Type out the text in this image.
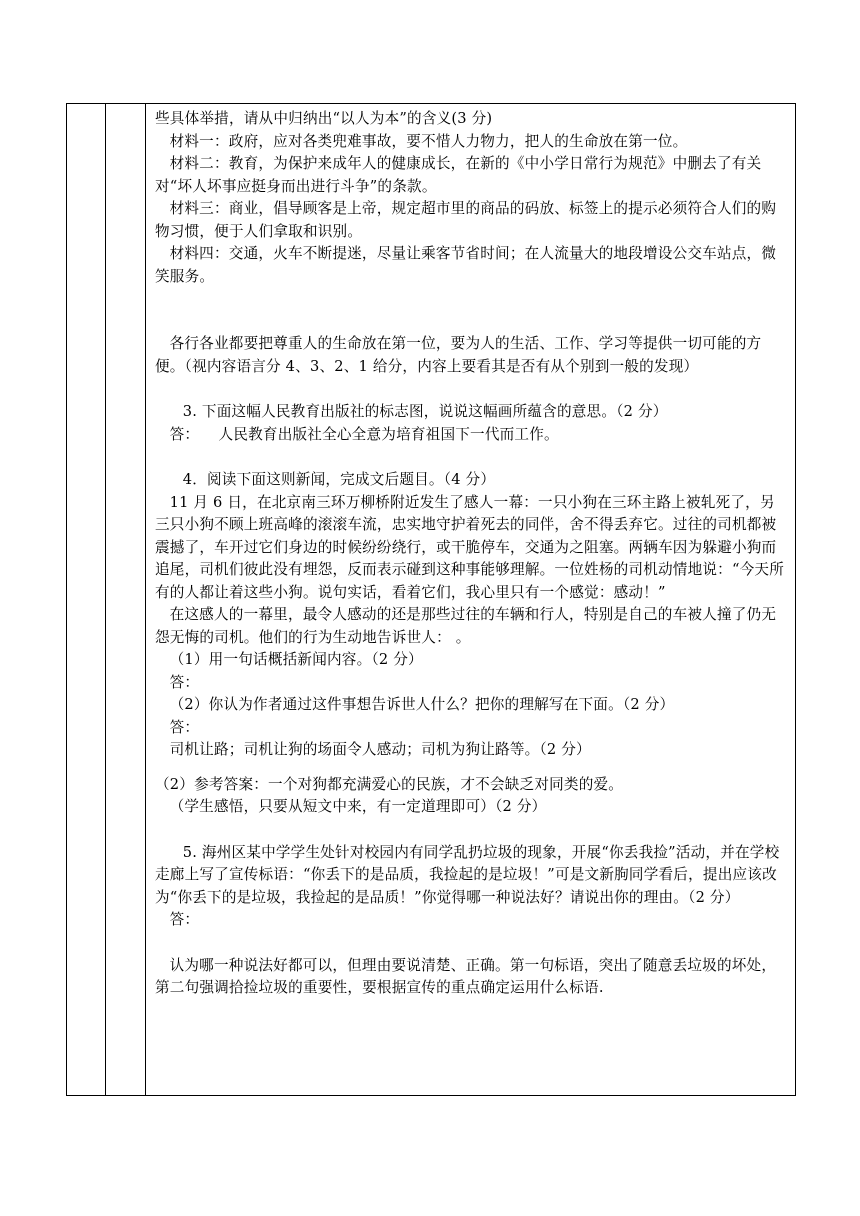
些具体举措，请从中归纳出“以人为本”的含义(3 分)

材料一：政府，应对各类兜难事故，要不惜人力物力，把人的生命放在第一位。

材料二：教育，为保护来成年人的健康成长，在新的《中小学日常行为规范》中删去了有关对“坏人坏事应挺身而出进行斗争”的条款。

材料三：商业，倡导顾客是上帝，规定超市里的商品的码放、标签上的提示必须符合人们的购物习惯，便于人们拿取和识别。

材料四：交通，火车不断提迷，尽量让乘客节省时间；在人流量大的地段增设公交车站点，微笑服务。

各行各业都要把尊重人的生命放在第一位，要为人的生活、工作、学习等提供一切可能的方便。（视内容语言分 4、3、2、1 给分，内容上要看其是否有从个别到一般的发现）

3. 下面这幅人民教育出版社的标志图，说说这幅画所蕴含的意思。（2 分）

答：    人民教育出版社全心全意为培育祖国下一代而工作。

4．阅读下面这则新闻，完成文后题目。（4 分）

11 月 6 日，在北京南三环万柳桥附近发生了感人一幕：一只小狗在三环主路上被轧死了，另三只小狗不顾上班高峰的滚滚车流，忠实地守护着死去的同伴，舍不得丢弃它。过往的司机都被震撼了，车开过它们身边的时候纷纷绕行，或干脆停车，交通为之阻塞。两辆车因为躲避小狗而追尾，司机们彼此没有埋怨，反而表示碰到这种事能够理解。一位姓杨的司机动情地说：“今天所有的人都让着这些小狗。说句实话，看着它们，我心里只有一个感觉：感动！”

在这感人的一幕里，最令人感动的还是那些过往的车辆和行人，特别是自己的车被人撞了仍无怨无悔的司机。他们的行为生动地告诉世人： 。

（1）用一句话概括新闻内容。（2 分）

答：

（2）你认为作者通过这件事想告诉世人什么？把你的理解写在下面。（2 分）

答：

司机让路；司机让狗的场面令人感动；司机为狗让路等。（2 分）

（2）参考答案：一个对狗都充满爱心的民族，才不会缺乏对同类的爱。

（学生感悟，只要从短文中来，有一定道理即可）（2 分）

5. 海州区某中学学生处针对校园内有同学乱扔垃圾的现象，开展“你丢我捡”活动，并在学校走廊上写了宣传标语：“你丢下的是品质，我捡起的是垃圾！”可是文新朐同学看后，提出应该改为“你丢下的是垃圾，我捡起的是品质！”你觉得哪一种说法好？请说出你的理由。（2 分）

答：

认为哪一种说法好都可以，但理由要说清楚、正确。第一句标语，突出了随意丢垃圾的坏处，第二句强调拾捡垃圾的重要性，要根据宣传的重点确定运用什么标语.
